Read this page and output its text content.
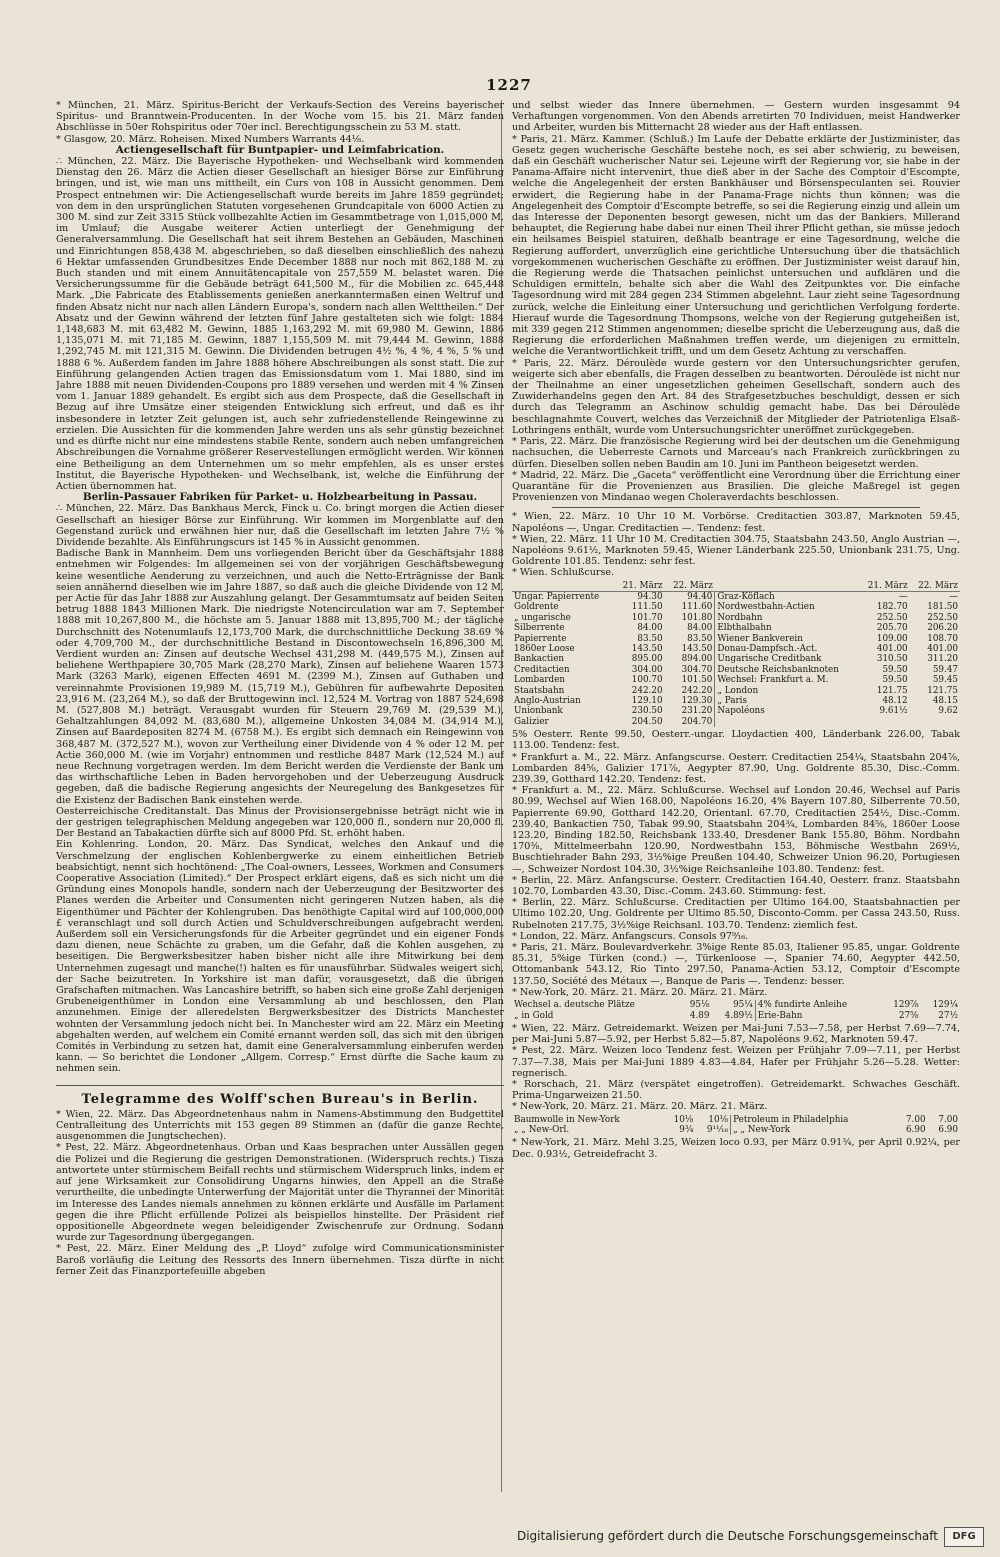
1227

* München, 21. März. Spiritus-Bericht der Verkaufs-Section des Vereins bayerischer Spiritus- und Branntwein-Producenten. In der Woche vom 15. bis 21. März fanden Abschlüsse in 50er Rohspiritus oder 70er incl. Berechtigungsschein zu 53 M. statt.

* Glasgow, 20. März. Roheisen. Mixed Numbers Warrants 44⅛.

Actiengesellschaft für Buntpapier- und Leimfabrication.

∴ München, 22. März. Die Bayerische Hypotheken- und Wechselbank wird kommenden Dienstag den 26. März die Actien dieser Gesellschaft an hiesiger Börse zur Einführung bringen, und ist, wie man uns mittheilt, ein Curs von 108 in Aussicht genommen. Dem Prospect entnehmen wir: Die Actiengesellschaft wurde bereits im Jahre 1859 gegründet; von dem in den ursprünglichen Statuten vorgesehenen Grundcapitale von 6000 Actien zu 300 M. sind zur Zeit 3315 Stück vollbezahlte Actien im Gesammtbetrage von 1,015,000 M. im Umlauf; die Ausgabe weiterer Actien unterliegt der Genehmigung der Generalversammlung. Die Gesellschaft hat seit ihrem Bestehen an Gebäuden, Maschinen und Einrichtungen 858,438 M. abgeschrieben, so daß dieselben einschließlich des nahezu 6 Hektar umfassenden Grundbesitzes Ende December 1888 nur noch mit 862,188 M. zu Buch standen und mit einem Annuitätencapitale von 257,559 M. belastet waren. Die Versicherungssumme für die Gebäude beträgt 641,500 M., für die Mobilien zc. 645,448 Mark. „Die Fabricate des Etablissements genießen anerkanntermaßen einen Weltruf und finden Absatz nicht nur nach allen Ländern Europa's, sondern nach allen Welttheilen.“ Der Absatz und der Gewinn während der letzten fünf Jahre gestalteten sich wie folgt: 1884 1,148,683 M. mit 63,482 M. Gewinn, 1885 1,163,292 M. mit 69,980 M. Gewinn, 1886 1,135,071 M. mit 71,185 M. Gewinn, 1887 1,155,509 M. mit 79,444 M. Gewinn, 1888 1,292,745 M. mit 121,315 M. Gewinn. Die Dividenden betrugen 4½ %, 4 %, 4 %, 5 % und 1888 6 %. Außerdem fanden im Jahre 1888 höhere Abschreibungen als sonst statt. Die zur Einführung gelangenden Actien tragen das Emissionsdatum vom 1. Mai 1880, sind im Jahre 1888 mit neuen Dividenden-Coupons pro 1889 versehen und werden mit 4 % Zinsen vom 1. Januar 1889 gehandelt. Es ergibt sich aus dem Prospecte, daß die Gesellschaft in Bezug auf ihre Umsätze einer steigenden Entwicklung sich erfreut, und daß es ihr insbesondere in letzter Zeit gelungen ist, auch sehr zufriedenstellende Reingewinne zu erzielen. Die Aussichten für die kommenden Jahre werden uns als sehr günstig bezeichnet und es dürfte nicht nur eine mindestens stabile Rente, sondern auch neben umfangreichen Abschreibungen die Vornahme größerer Reservestellungen ermöglicht werden. Wir können eine Betheiligung an dem Unternehmen um so mehr empfehlen, als es unser erstes Institut, die Bayerische Hypotheken- und Wechselbank, ist, welche die Einführung der Actien übernommen hat.

Berlin-Passauer Fabriken für Parket- u. Holzbearbeitung in Passau.

∴ München, 22. März. Das Bankhaus Merck, Finck u. Co. bringt morgen die Actien dieser Gesellschaft an hiesiger Börse zur Einführung. Wir kommen im Morgenblatte auf den Gegenstand zurück und erwähnen hier nur, daß die Gesellschaft im letzten Jahre 7½ % Dividende bezahlte. Als Einführungscurs ist 145 % in Aussicht genommen.

Badische Bank in Mannheim. Dem uns vorliegenden Bericht über da Geschäftsjahr 1888 entnehmen wir Folgendes: Im allgemeinen sei von der vorjährigen Geschäftsbewegung keine wesentliche Aenderung zu verzeichnen, und auch die Netto-Erträgnisse der Bank seien annähernd dieselben wie im Jahre 1887, so daß auch die gleiche Dividende von 12 M. per Actie für das Jahr 1888 zur Auszahlung gelangt. Der Gesammtumsatz auf beiden Seiten betrug 1888 1843 Millionen Mark. Die niedrigste Notencirculation war am 7. September 1888 mit 10,267,800 M., die höchste am 5. Januar 1888 mit 13,895,700 M.; der tägliche Durchschnitt des Notenumlaufs 12,173,700 Mark, die durchschnittliche Deckung 38.69 % oder 4,709,700 M., der durchschnittliche Bestand in Discontowechseln 16,896,300 M. Verdient wurden an: Zinsen auf deutsche Wechsel 431,298 M. (449,575 M.), Zinsen auf beliehene Werthpapiere 30,705 Mark (28,270 Mark), Zinsen auf beliehene Waaren 1573 Mark (3263 Mark), eigenen Effecten 4691 M. (2399 M.), Zinsen auf Guthaben und vereinnahmte Provisionen 19,989 M. (15,719 M.), Gebühren für aufbewahrte Depositen 23,916 M. (23,264 M.), so daß der Bruttogewinn incl. 12,524 M. Vortrag von 1887 524,698 M. (527,808 M.) beträgt. Verausgabt wurden für Steuern 29,769 M. (29,539 M.), Gehaltzahlungen 84,092 M. (83,680 M.), allgemeine Unkosten 34,084 M. (34,914 M.), Zinsen auf Baardepositen 8274 M. (6758 M.). Es ergibt sich demnach ein Reingewinn von 368,487 M. (372,527 M.), wovon zur Vertheilung einer Dividende von 4 % oder 12 M. per Actie 360,000 M. (wie im Vorjahr) entnommen und restliche 8487 Mark (12,524 M.) auf neue Rechnung vorgetragen werden. Im dem Bericht werden die Verdienste der Bank um das wirthschaftliche Leben in Baden hervorgehoben und der Ueberzeugung Ausdruck gegeben, daß die badische Regierung angesichts der Neuregelung des Bankgesetzes für die Existenz der Badischen Bank einstehen werde.

Oesterreichische Creditanstalt. Das Minus der Provisionsergebnisse beträgt nicht wie in der gestrigen telegraphischen Meldung angegeben war 120,000 fl., sondern nur 20,000 fl. Der Bestand an Tabakactien dürfte sich auf 8000 Pfd. St. erhöht haben.

Ein Kohlenring. London, 20. März. Das Syndicat, welches den Ankauf und die Verschmelzung der englischen Kohlenbergwerke zu einem einheitlichen Betrieb beabsichtigt, nennt sich hochtönend: „The Coal-owners, Lessees, Workmen and Consumers Cooperative Association (Limited).“ Der Prospect erklärt eigens, daß es sich nicht um die Gründung eines Monopols handle, sondern nach der Ueberzeugung der Besitzworter des Planes werden die Arbeiter und Consumenten nicht geringeren Nutzen haben, als die Eigenthümer und Pächter der Kohlengruben. Das benöthigte Capital wird auf 100,000,000 £ veranschlagt und soll durch Actien und Schuldverschreibungen aufgebracht werden. Außerdem soll ein Versicherungsfonds für die Arbeiter gegründet und ein eigener Fonds dazu dienen, neue Schächte zu graben, um die Gefahr, daß die Kohlen ausgehen, zu beseitigen. Die Bergwerksbesitzer haben bisher nicht alle ihre Mitwirkung bei dem Unternehmen zugesagt und manche(!) halten es für unausführbar. Südwales weigert sich, der Sache beizutreten. In Yorkshire ist man dafür, vorausgesetzt, daß die übrigen Grafschaften mitmachen. Was Lancashire betrifft, so haben sich eine große Zahl derjenigen Grubeneigenthümer in London eine Versammlung ab und beschlossen, den Plan anzunehmen. Einige der alleredelsten Bergwerksbesitzer des Districts Manchester wohnten der Versammlung jedoch nicht bei. In Manchester wird am 22. März ein Meeting abgehalten werden, auf welchem ein Comité ernannt werden soll, das sich mit den übrigen Comités in Verbindung zu setzen hat, damit eine Generalversammlung einberufen werden kann. — So berichtet die Londoner „Allgem. Corresp.“ Ernst dürfte die Sache kaum zu nehmen sein.

Telegramme des Wolff'schen Bureau's in Berlin.

* Wien, 22. März. Das Abgeordnetenhaus nahm in Namens-Abstimmung den Budgettitel Centralleitung des Unterrichts mit 153 gegen 89 Stimmen an (dafür die ganze Rechte, ausgenommen die Jungtschechen).

* Pest, 22. März. Abgeordnetenhaus. Orban und Kaas besprachen unter Aussällen gegen die Polizei und die Regierung die gestrigen Demonstrationen. (Widerspruch rechts.) Tisza antwortete unter stürmischem Beifall rechts und stürmischem Widerspruch links, indem er auf jene Wirksamkeit zur Consolidirung Ungarns hinwies, den Appell an die Straße verurtheilte, die unbedingte Unterwerfung der Majorität unter die Thyrannei der Minorität im Interesse des Landes niemals annehmen zu können erklärte und Ausfälle im Parlament gegen die ihre Pflicht erfüllende Polizei als beispiellos hinstellte. Der Präsident rief oppositionelle Abgeordnete wegen beleidigender Zwischenrufe zur Ordnung. Sodann wurde zur Tagesordnung übergegangen.

* Pest, 22. März. Einer Meldung des „P. Lloyd“ zufolge wird Communicationsminister Baroß vorläufig die Leitung des Ressorts des Innern übernehmen. Tisza dürfte in nicht ferner Zeit das Finanzportefeuille abgeben

und selbst wieder das Innere übernehmen. — Gestern wurden insgesammt 94 Verhaftungen vorgenommen. Von den Abends arretirten 70 Individuen, meist Handwerker und Arbeiter, wurden bis Mitternacht 28 wieder aus der Haft entlassen.

* Paris, 21. März. Kammer. (Schluß.) Im Laufe der Debatte erklärte der Justizminister, das Gesetz gegen wucherische Geschäfte bestehe noch, es sei aber schwierig, zu beweisen, daß ein Geschäft wucherischer Natur sei. Lejeune wirft der Regierung vor, sie habe in der Panama-Affaire nicht intervenirt, thue dieß aber in der Sache des Comptoir d'Escompte, welche die Angelegenheit der ersten Bankhäuser und Börsenspeculanten sei. Rouvier erwidert, die Regierung habe in der Panama-Frage nichts thun können; was die Angelegenheit des Comptoir d'Escompte betreffe, so sei die Regierung einzig und allein um das Interesse der Deponenten besorgt gewesen, nicht um das der Bankiers. Millerand behauptet, die Regierung habe dabei nur einen Theil ihrer Pflicht gethan, sie müsse jedoch ein heilsames Beispiel statuiren, deßhalb beantrage er eine Tagesordnung, welche die Regierung auffordert, unverzüglich eine gerichtliche Untersuchung über die thatsächlich vorgekommenen wucherischen Geschäfte zu eröffnen. Der Justizminister weist darauf hin, die Regierung werde die Thatsachen peinlichst untersuchen und aufklären und die Schuldigen ermitteln, behalte sich aber die Wahl des Zeitpunktes vor. Die einfache Tagesordnung wird mit 284 gegen 234 Stimmen abgelehnt. Laur zieht seine Tagesordnung zurück, welche die Einleitung einer Untersuchung und gerichtlichen Verfolgung forderte. Hierauf wurde die Tagesordnung Thompsons, welche von der Regierung gutgeheißen ist, mit 339 gegen 212 Stimmen angenommen; dieselbe spricht die Ueberzeugung aus, daß die Regierung die erforderlichen Maßnahmen treffen werde, um diejenigen zu ermitteln, welche die Verantwortlichkeit trifft, und um dem Gesetz Achtung zu verschaffen.

* Paris, 22. März. Déroulède wurde gestern vor den Untersuchungsrichter gerufen, weigerte sich aber ebenfalls, die Fragen desselben zu beantworten. Déroulède ist nicht nur der Theilnahme an einer ungesetzlichen geheimen Gesellschaft, sondern auch des Zuwiderhandelns gegen den Art. 84 des Strafgesetzbuches beschuldigt, dessen er sich durch das Telegramm an Aschinow schuldig gemacht habe. Das bei Déroulède beschlagnahmte Couvert, welches das Verzeichniß der Mitglieder der Patriotenliga Elsaß-Lothringens enthält, wurde vom Untersuchungsrichter uneröffnet zurückgegeben.

* Paris, 22. März. Die französische Regierung wird bei der deutschen um die Genehmigung nachsuchen, die Ueberreste Carnots und Marceau's nach Frankreich zurückbringen zu dürfen. Dieselben sollen neben Baudin am 10. Juni im Pantheon beigesetzt werden.

* Madrid, 22. März. Die „Gaceta“ veröffentlicht eine Verordnung über die Errichtung einer Quarantäne für die Provenienzen aus Brasilien. Die gleiche Maßregel ist gegen Provenienzen von Mindanao wegen Choleraverdachts beschlossen.

* Wien, 22. März. 10 Uhr 10 M. Vorbörse. Creditactien 303.87, Marknoten 59.45, Napoléons —, Ungar. Creditactien —. Tendenz: fest.

* Wien, 22. März. 11 Uhr 10 M. Creditactien 304.75, Staatsbahn 243.50, Anglo Austrian —, Napoléons 9.61½, Marknoten 59.45, Wiener Länderbank 225.50, Unionbank 231.75, Ung. Goldrente 101.85. Tendenz: sehr fest.

* Wien. Schlußcurse.

	21. März	22. März		21. März	22. März
Ungar. Papierrente	94.30	94.40	Graz-Köflach	—	—
Goldrente	111.50	111.60	Nordwestbahn-Actien	182.70	181.50
„ ungarische	101.70	101.80	Nordbahn	252.50	252.50
Silberrente	84.00	84.00	Elbthalbahn	205.70	206.20
Papierrente	83.50	83.50	Wiener Bankverein	109.00	108.70
1860er Loose	143.50	143.50	Donau-Dampfsch.-Act.	401.00	401.00
Bankactien	895.00	894.00	Ungarische Creditbank	310.50	311.20
Creditactien	304.00	304.70	Deutsche Reichsbanknoten	59.50	59.47
Lombarden	100.70	101.50	Wechsel: Frankfurt a. M.	59.50	59.45
Staatsbahn	242.20	242.20	„ London	121.75	121.75
Anglo-Austrian	129.10	129.30	„ Paris	48.12	48.15
Unionbank	230.50	231.20	Napoléons	9.61½	9.62
Galizier	204.50	204.70			

5% Oesterr. Rente 99.50, Oesterr.-ungar. Lloydactien 400, Länderbank 226.00, Tabak 113.00. Tendenz: fest.

* Frankfurt a. M., 22. März. Anfangscurse. Oesterr. Creditactien 254¼, Staatsbahn 204⅞, Lombarden 84⅝, Galizier 171⅞, Aegypter 87.90, Ung. Goldrente 85.30, Disc.-Comm. 239.39, Gotthard 142.20. Tendenz: fest.

* Frankfurt a. M., 22. März. Schlußcurse. Wechsel auf London 20.46, Wechsel auf Paris 80.99, Wechsel auf Wien 168.00, Napoléons 16.20, 4% Bayern 107.80, Silberrente 70.50, Papierrente 69.90, Gotthard 142.20, Orientanl. 67.70, Creditactien 254½, Disc.-Comm. 239.40, Bankactien 750, Tabak 99.90, Staatsbahn 204¾, Lombarden 84⅝, 1860er Loose 123.20, Binding 182.50, Reichsbank 133.40, Dresdener Bank 155.80, Böhm. Nordbahn 170⅜, Mittelmeerbahn 120.90, Nordwestbahn 153, Böhmische Westbahn 269½, Buschtiehrader Bahn 293, 3½%ige Preußen 104.40, Schweizer Union 96.20, Portugiesen —, Schweizer Nordost 104.30, 3½%ige Reichsanleihe 103.80. Tendenz: fest.

* Berlin, 22. März. Anfangscurse. Oesterr. Creditactien 164.40, Oesterr. franz. Staatsbahn 102.70, Lombarden 43.30, Disc.-Comm. 243.60. Stimmung: fest.

* Berlin, 22. März. Schlußcurse. Creditactien per Ultimo 164.00, Staatsbahnactien per Ultimo 102.20, Ung. Goldrente per Ultimo 85.50, Disconto-Comm. per Cassa 243.50, Russ. Rubelnoten 217.75, 3½%ige Reichsanl. 103.70. Tendenz: ziemlich fest.

* London, 22. März. Anfangscurs. Consols 97⁹⁄₁₆.

* Paris, 21. März. Boulevardverkehr. 3%ige Rente 85.03, Italiener 95.85, ungar. Goldrente 85.31, 5%ige Türken (cond.) —, Türkenloose —, Spanier 74.60, Aegypter 442.50, Ottomanbank 543.12, Rio Tinto 297.50, Panama-Actien 53.12, Comptoir d'Escompte 137.50, Société des Métaux —, Banque de Paris —. Tendenz: besser.

* New-York, 20. März. 21. März. 20. März. 21. März.

Wechsel a. deutsche Plätze	95⅛	95¼	4% fundirte Anleihe	129⅞	129¼
„ in Gold	4.89	4.89½	Erie-Bahn	27⅝	27½

* Wien, 22. März. Getreidemarkt. Weizen per Mai-Juni 7.53—7.58, per Herbst 7.69—7.74, per Mai-Juni 5.87—5.92, per Herbst 5.82—5.87, Napoléons 9.62, Marknoten 59.47.

* Pest, 22. März. Weizen loco Tendenz fest. Weizen per Frühjahr 7.09—7.11, per Herbst 7.37—7.38, Mais per Mai-Juni 1889 4.83—4.84, Hafer per Frühjahr 5.26—5.28. Wetter: regnerisch.

* Rorschach, 21. März (verspätet eingetroffen). Getreidemarkt. Schwaches Geschäft. Prima-Ungarweizen 21.50.

* New-York, 20. März. 21. März. 20. März. 21. März.

Baumwolle in New-York	10⅛	10⅛	Petroleum in Philadelphia	7.00	7.00
„ „ New-Orl.	9¾	9¹¹⁄₁₆	„ „ New-York	6.90	6.90

* New-York, 21. März. Mehl 3.25, Weizen loco 0.93, per März 0.91¾, per April 0.92¼, per Dec. 0.93½, Getreidefracht 3.

Digitalisierung gefördert durch die Deutsche Forschungsgemeinschaft	DFG
